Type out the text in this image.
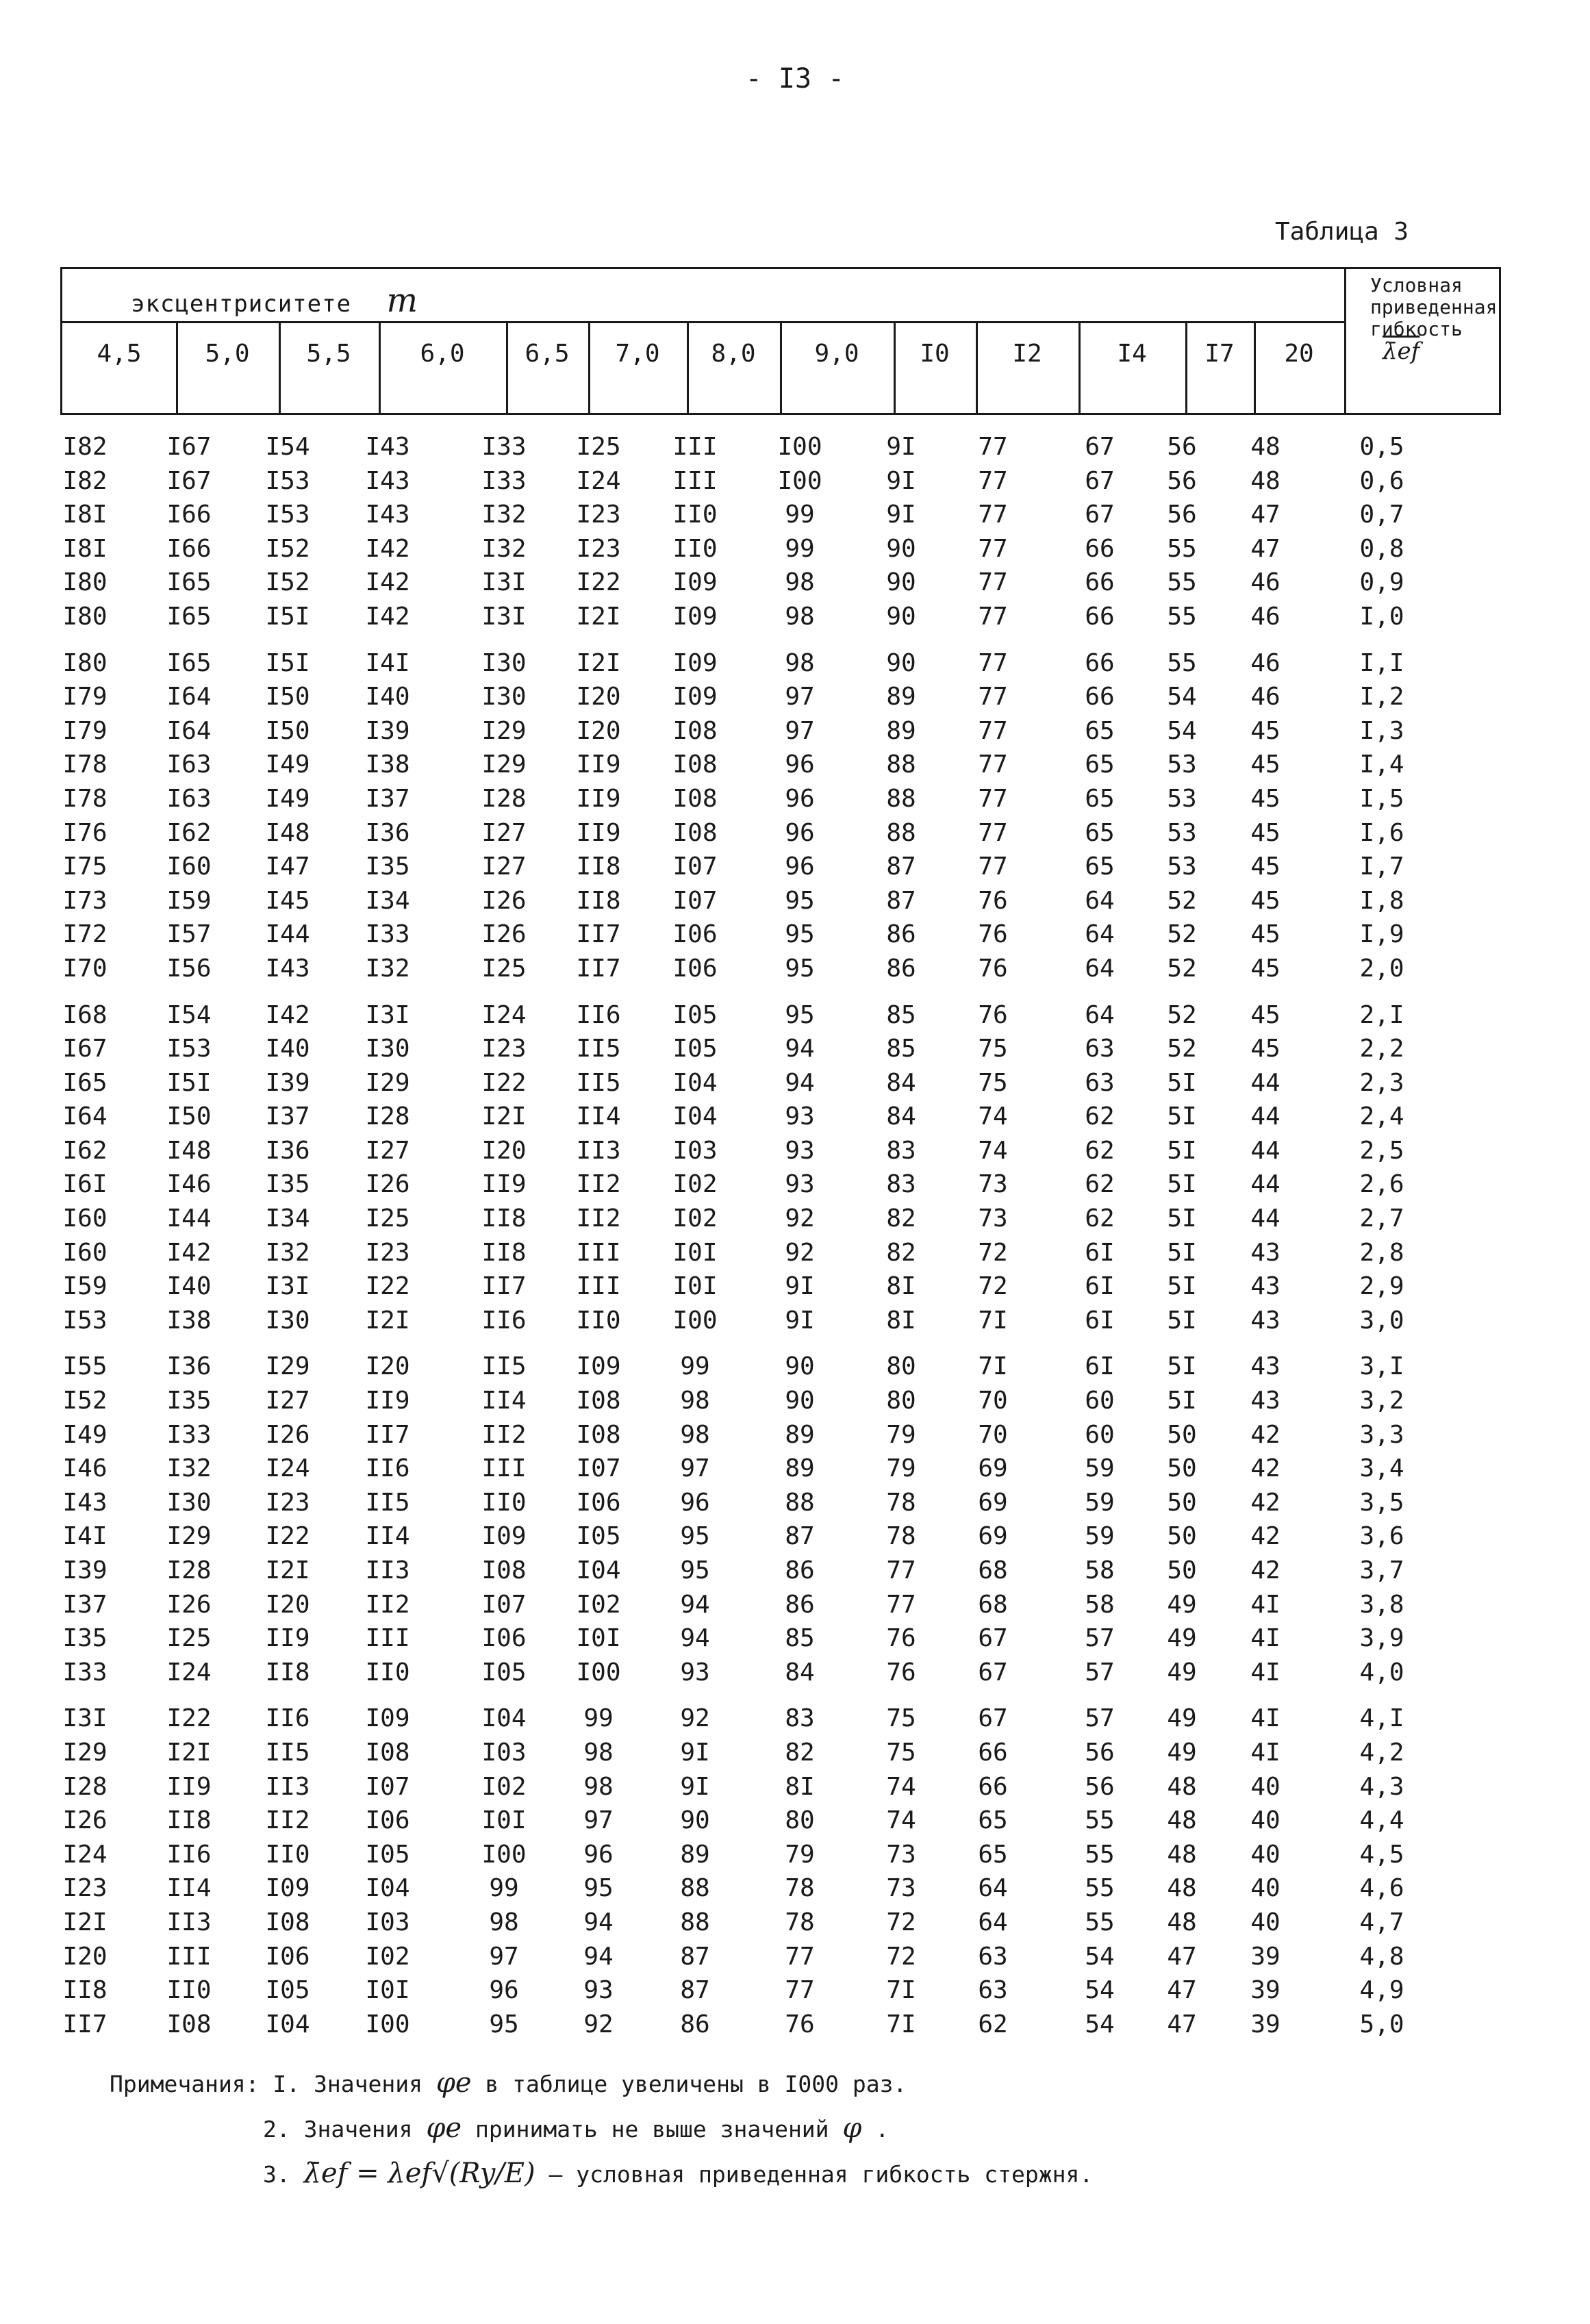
- I3 -
Таблица 3
эксцентриситете m
4,5	5,0	5,5	6,0	6,5	7,0	8,0	9,0	I0	I2	I4	I7	20
Условная приведенная гибкость
λ̄ef
I82	I67	I54	I43	I33	I25	III	I00	9I	77	67	56	48	0,5
I82	I67	I53	I43	I33	I24	III	I00	9I	77	67	56	48	0,6
I8I	I66	I53	I43	I32	I23	II0	99	9I	77	67	56	47	0,7
I8I	I66	I52	I42	I32	I23	II0	99	90	77	66	55	47	0,8
I80	I65	I52	I42	I3I	I22	I09	98	90	77	66	55	46	0,9
I80	I65	I5I	I42	I3I	I2I	I09	98	90	77	66	55	46	I,0
I80	I65	I5I	I4I	I30	I2I	I09	98	90	77	66	55	46	I,I
I79	I64	I50	I40	I30	I20	I09	97	89	77	66	54	46	I,2
I79	I64	I50	I39	I29	I20	I08	97	89	77	65	54	45	I,3
I78	I63	I49	I38	I29	II9	I08	96	88	77	65	53	45	I,4
I78	I63	I49	I37	I28	II9	I08	96	88	77	65	53	45	I,5
I76	I62	I48	I36	I27	II9	I08	96	88	77	65	53	45	I,6
I75	I60	I47	I35	I27	II8	I07	96	87	77	65	53	45	I,7
I73	I59	I45	I34	I26	II8	I07	95	87	76	64	52	45	I,8
I72	I57	I44	I33	I26	II7	I06	95	86	76	64	52	45	I,9
I70	I56	I43	I32	I25	II7	I06	95	86	76	64	52	45	2,0
I68	I54	I42	I3I	I24	II6	I05	95	85	76	64	52	45	2,I
I67	I53	I40	I30	I23	II5	I05	94	85	75	63	52	45	2,2
I65	I5I	I39	I29	I22	II5	I04	94	84	75	63	5I	44	2,3
I64	I50	I37	I28	I2I	II4	I04	93	84	74	62	5I	44	2,4
I62	I48	I36	I27	I20	II3	I03	93	83	74	62	5I	44	2,5
I6I	I46	I35	I26	II9	II2	I02	93	83	73	62	5I	44	2,6
I60	I44	I34	I25	II8	II2	I02	92	82	73	62	5I	44	2,7
I60	I42	I32	I23	II8	III	I0I	92	82	72	6I	5I	43	2,8
I59	I40	I3I	I22	II7	III	I0I	9I	8I	72	6I	5I	43	2,9
I53	I38	I30	I2I	II6	II0	I00	9I	8I	7I	6I	5I	43	3,0
I55	I36	I29	I20	II5	I09	99	90	80	7I	6I	5I	43	3,I
I52	I35	I27	II9	II4	I08	98	90	80	70	60	5I	43	3,2
I49	I33	I26	II7	II2	I08	98	89	79	70	60	50	42	3,3
I46	I32	I24	II6	III	I07	97	89	79	69	59	50	42	3,4
I43	I30	I23	II5	II0	I06	96	88	78	69	59	50	42	3,5
I4I	I29	I22	II4	I09	I05	95	87	78	69	59	50	42	3,6
I39	I28	I2I	II3	I08	I04	95	86	77	68	58	50	42	3,7
I37	I26	I20	II2	I07	I02	94	86	77	68	58	49	4I	3,8
I35	I25	II9	III	I06	I0I	94	85	76	67	57	49	4I	3,9
I33	I24	II8	II0	I05	I00	93	84	76	67	57	49	4I	4,0
I3I	I22	II6	I09	I04	99	92	83	75	67	57	49	4I	4,I
I29	I2I	II5	I08	I03	98	9I	82	75	66	56	49	4I	4,2
I28	II9	II3	I07	I02	98	9I	8I	74	66	56	48	40	4,3
I26	II8	II2	I06	I0I	97	90	80	74	65	55	48	40	4,4
I24	II6	II0	I05	I00	96	89	79	73	65	55	48	40	4,5
I23	II4	I09	I04	99	95	88	78	73	64	55	48	40	4,6
I2I	II3	I08	I03	98	94	88	78	72	64	55	48	40	4,7
I20	III	I06	I02	97	94	87	77	72	63	54	47	39	4,8
II8	II0	I05	I0I	96	93	87	77	7I	63	54	47	39	4,9
II7	I08	I04	I00	95	92	86	76	7I	62	54	47	39	5,0
Примечания: I. Значения φe в таблице увеличены в I000 раз.
2. Значения φe принимать не выше значений φ .
3. λ̄ef = λef√(Ry/E) – условная приведенная гибкость стержня.
